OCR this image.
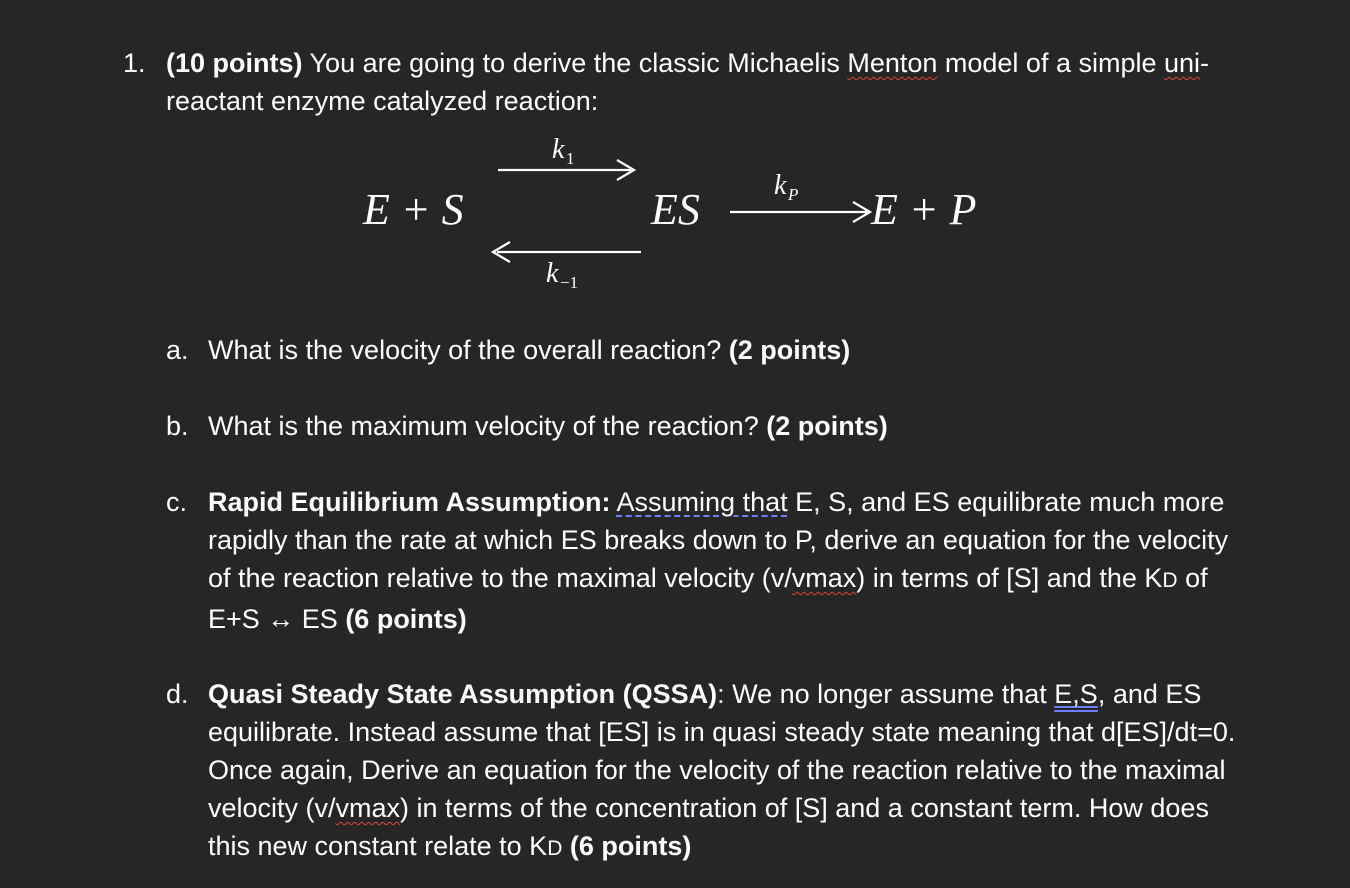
1. (10 points) You are going to derive the classic Michaelis Menton model of a simple uni-reactant enzyme catalyzed reaction:
E + S
k 1
k −1
ES	k P E + P
a. What is the velocity of the overall reaction? (2 points)
b. What is the maximum velocity of the reaction? (2 points)
c. Rapid Equilibrium Assumption: Assuming that E, S, and ES equilibrate much more rapidly than the rate at which ES breaks down to P, derive an equation for the velocity of the reaction relative to the maximal velocity (v/vmax) in terms of [S] and the KD of E+S ↔ ES (6 points)
d. Quasi Steady State Assumption (QSSA): We no longer assume that E,S, and ES equilibrate. Instead assume that [ES] is in quasi steady state meaning that d[ES]/dt=0. Once again, Derive an equation for the velocity of the reaction relative to the maximal velocity (v/vmax) in terms of the concentration of [S] and a constant term. How does this new constant relate to KD (6 points)
